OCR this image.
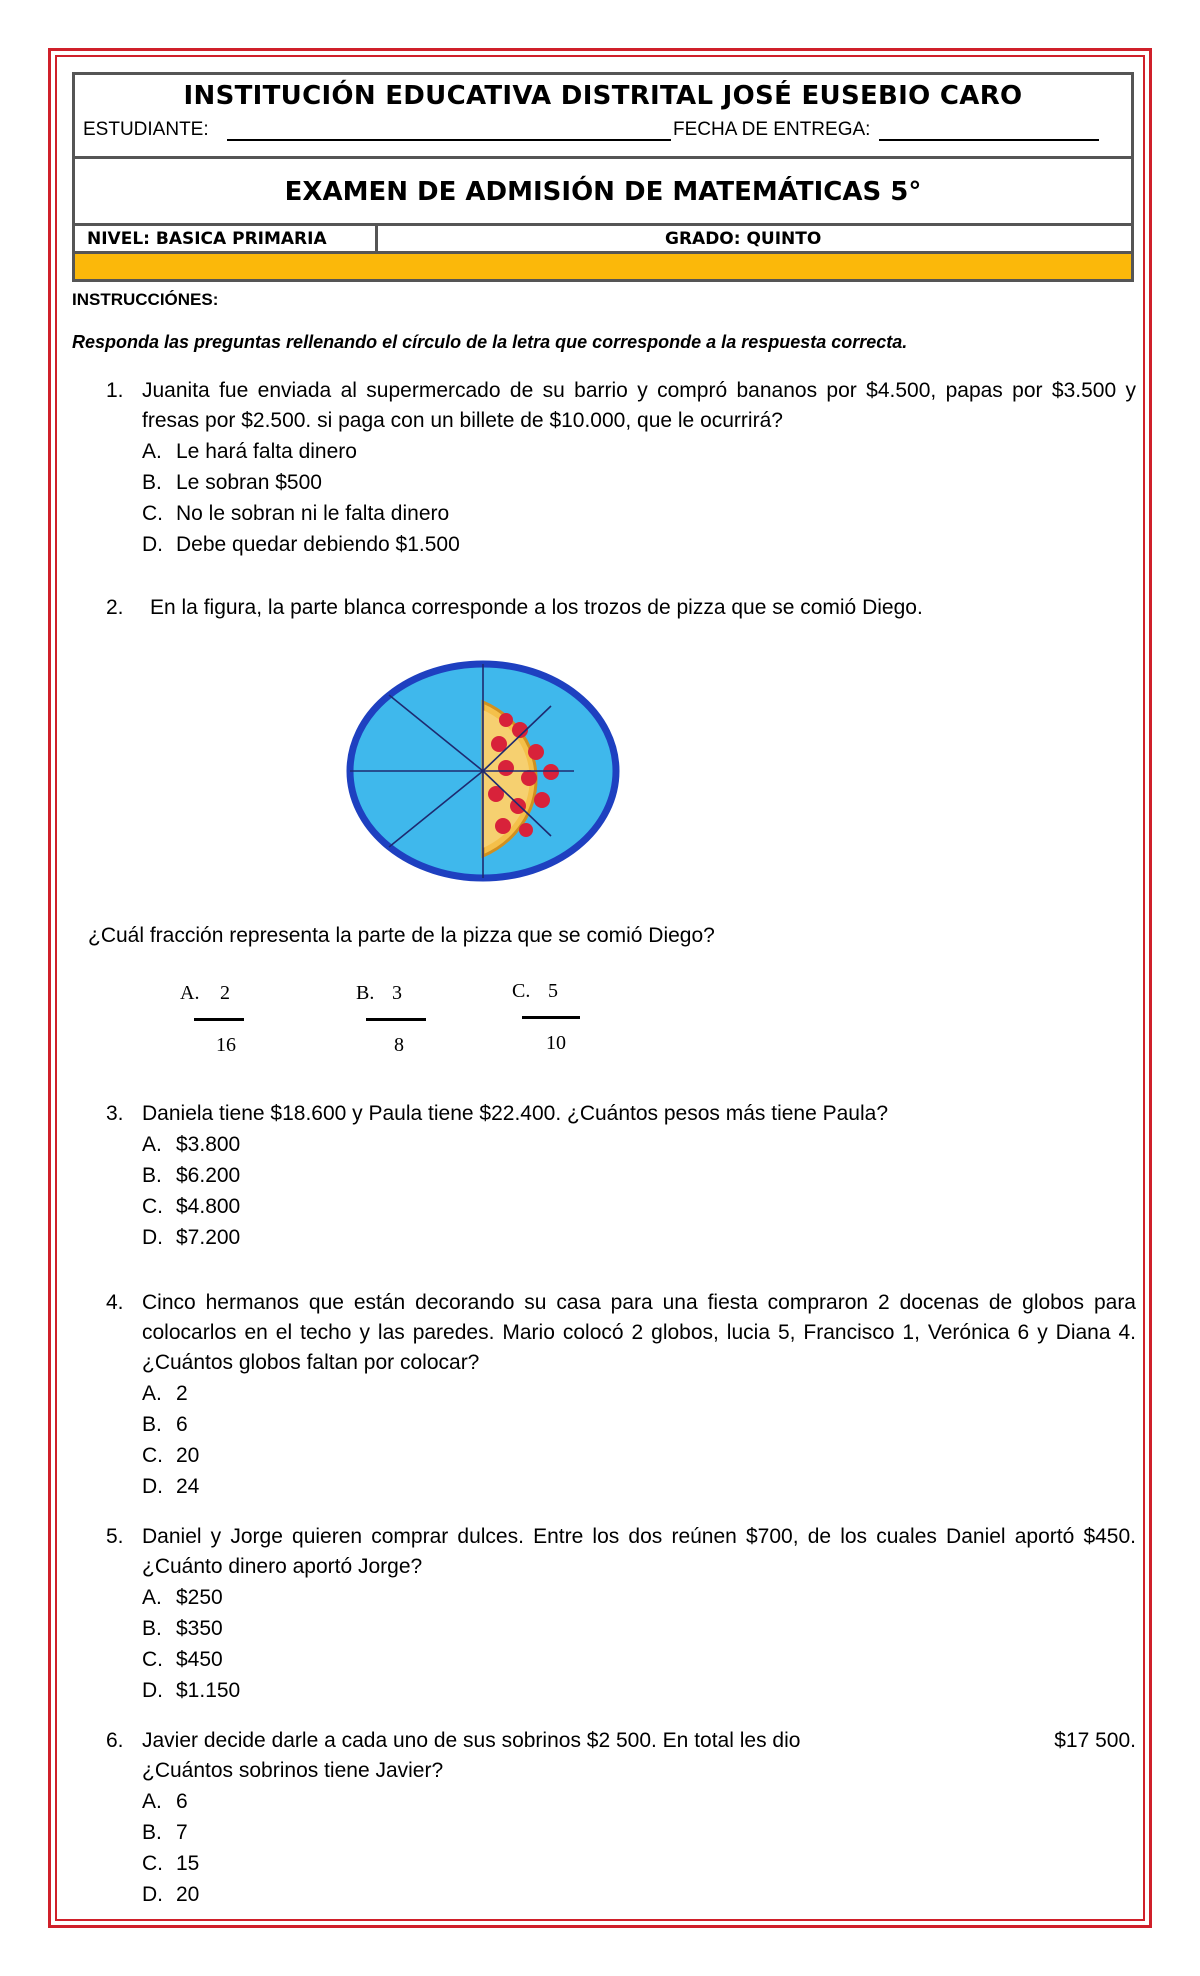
INSTITUCIÓN EDUCATIVA DISTRITAL JOSÉ EUSEBIO CARO
ESTUDIANTE:	FECHA DE ENTREGA:
EXAMEN DE ADMISIÓN DE MATEMÁTICAS 5°
NIVEL: BASICA PRIMARIA	GRADO: QUINTO
INSTRUCCIÓNES:
Responda las preguntas rellenando el círculo de la letra que corresponde a la respuesta correcta.
1. Juanita fue enviada al supermercado de su barrio y compró bananos por $4.500, papas por $3.500 y fresas por $2.500. si paga con un billete de $10.000, que le ocurrirá?
A. Le hará falta dinero
B. Le sobran $500
C. No le sobran ni le falta dinero
D. Debe quedar debiendo $1.500
2. En la figura, la parte blanca corresponde a los trozos de pizza que se comió Diego.
¿Cuál fracción representa la parte de la pizza que se comió Diego?
A. 2
16
B. 3
8
C. 5
10
3. Daniela tiene $18.600 y Paula tiene $22.400. ¿Cuántos pesos más tiene Paula?
A. $3.800
B. $6.200
C. $4.800
D. $7.200
4. Cinco hermanos que están decorando su casa para una fiesta compraron 2 docenas de globos para colocarlos en el techo y las paredes. Mario colocó 2 globos, lucia 5, Francisco 1, Verónica 6 y Diana 4. ¿Cuántos globos faltan por colocar?
A. 2
B. 6
C. 20
D. 24
5. Daniel y Jorge quieren comprar dulces. Entre los dos reúnen $700, de los cuales Daniel aportó $450. ¿Cuánto dinero aportó Jorge?
A. $250
B. $350
C. $450
D. $1.150
6. Javier decide darle a cada uno de sus sobrinos $2 500. En total les dio	$17 500.
¿Cuántos sobrinos tiene Javier?
A. 6
B. 7
C. 15
D. 20
